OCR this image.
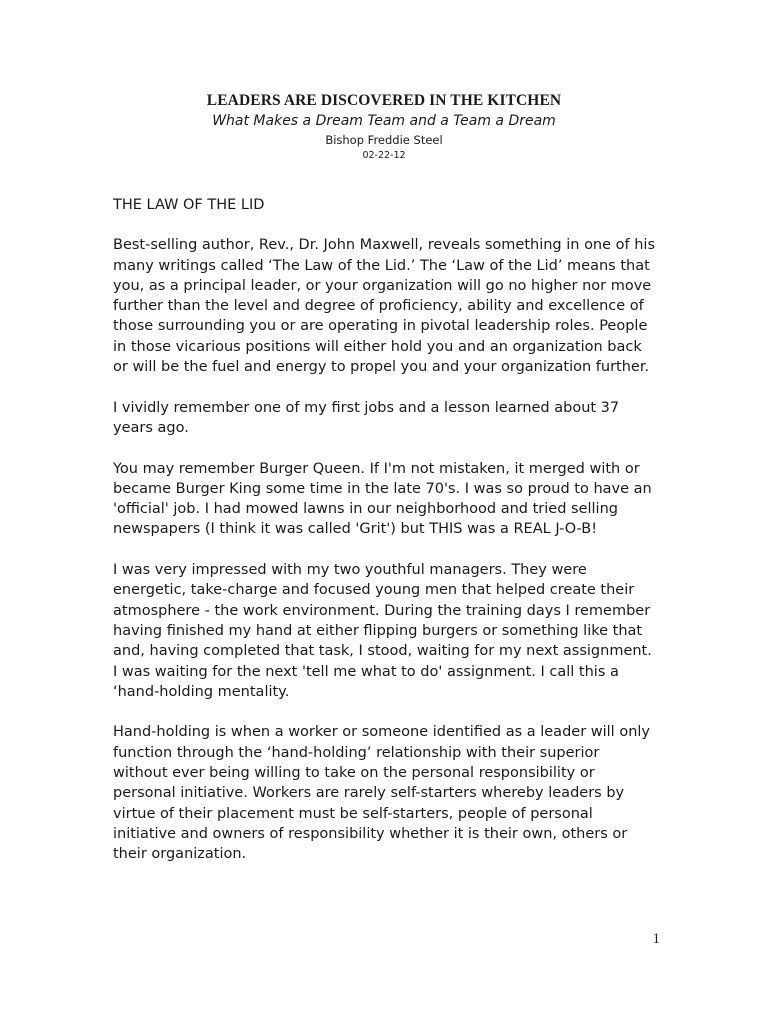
LEADERS ARE DISCOVERED IN THE KITCHEN

What Makes a Dream Team and a Team a Dream

Bishop Freddie Steel

02-22-12

THE LAW OF THE LID

Best-selling author, Rev., Dr. John Maxwell, reveals something in one of his many writings called ‘The Law of the Lid.’ The ‘Law of the Lid’ means that you, as a principal leader, or your organization will go no higher nor move further than the level and degree of proficiency, ability and excellence of those surrounding you or are operating in pivotal leadership roles. People in those vicarious positions will either hold you and an organization back or will be the fuel and energy to propel you and your organization further.

I vividly remember one of my first jobs and a lesson learned about 37 years ago.

You may remember Burger Queen. If I'm not mistaken, it merged with or became Burger King some time in the late 70's. I was so proud to have an 'official' job. I had mowed lawns in our neighborhood and tried selling newspapers (I think it was called 'Grit') but THIS was a REAL J-O-B!

I was very impressed with my two youthful managers. They were energetic, take-charge and focused young men that helped create their atmosphere - the work environment. During the training days I remember having finished my hand at either flipping burgers or something like that and, having completed that task, I stood, waiting for my next assignment. I was waiting for the next 'tell me what to do' assignment. I call this a ‘hand-holding mentality.

Hand-holding is when a worker or someone identified as a leader will only function through the ‘hand-holding’ relationship with their superior without ever being willing to take on the personal responsibility or personal initiative. Workers are rarely self-starters whereby leaders by virtue of their placement must be self-starters, people of personal initiative and owners of responsibility whether it is their own, others or their organization.

1
